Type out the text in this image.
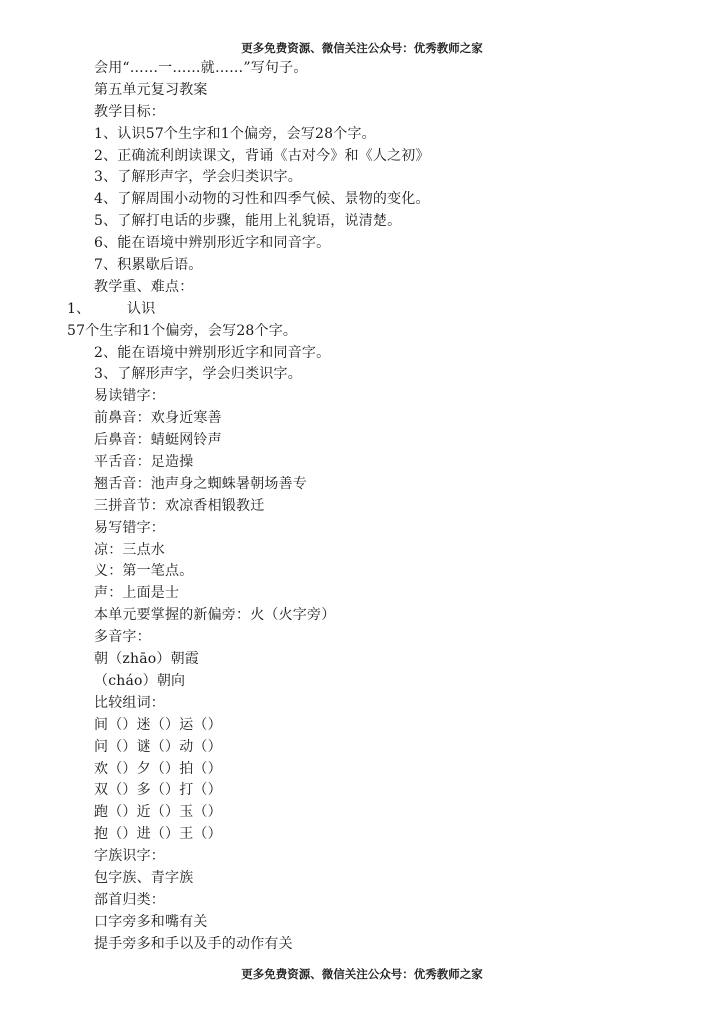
更多免费资源、微信关注公众号：优秀教师之家
会用“……一……就……”写句子。
第五单元复习教案
教学目标：
1、认识57个生字和1个偏旁，会写28个字。
2、正确流利朗读课文，背诵《古对今》和《人之初》
3、了解形声字，学会归类识字。
4、了解周围小动物的习性和四季气候、景物的变化。
5、了解打电话的步骤，能用上礼貌语，说清楚。
6、能在语境中辨别形近字和同音字。
7、积累歇后语。
教学重、难点：
1、	认识
57个生字和1个偏旁，会写28个字。
2、能在语境中辨别形近字和同音字。
3、了解形声字，学会归类识字。
易读错字：
前鼻音：欢身近寒善
后鼻音：蜻蜓网铃声
平舌音：足造操
翘舌音：池声身之蜘蛛暑朝场善专
三拼音节：欢凉香相锻教迁
易写错字：
凉：三点水
义：第一笔点。
声：上面是士
本单元要掌握的新偏旁：火（火字旁）
多音字：
朝（zhāo）朝霞
（cháo）朝向
比较组词：
间（）迷（）运（）
问（）谜（）动（）
欢（）夕（）拍（）
双（）多（）打（）
跑（）近（）玉（）
抱（）进（）王（）
字族识字：
包字族、青字族
部首归类：
口字旁多和嘴有关
提手旁多和手以及手的动作有关
更多免费资源、微信关注公众号：优秀教师之家
